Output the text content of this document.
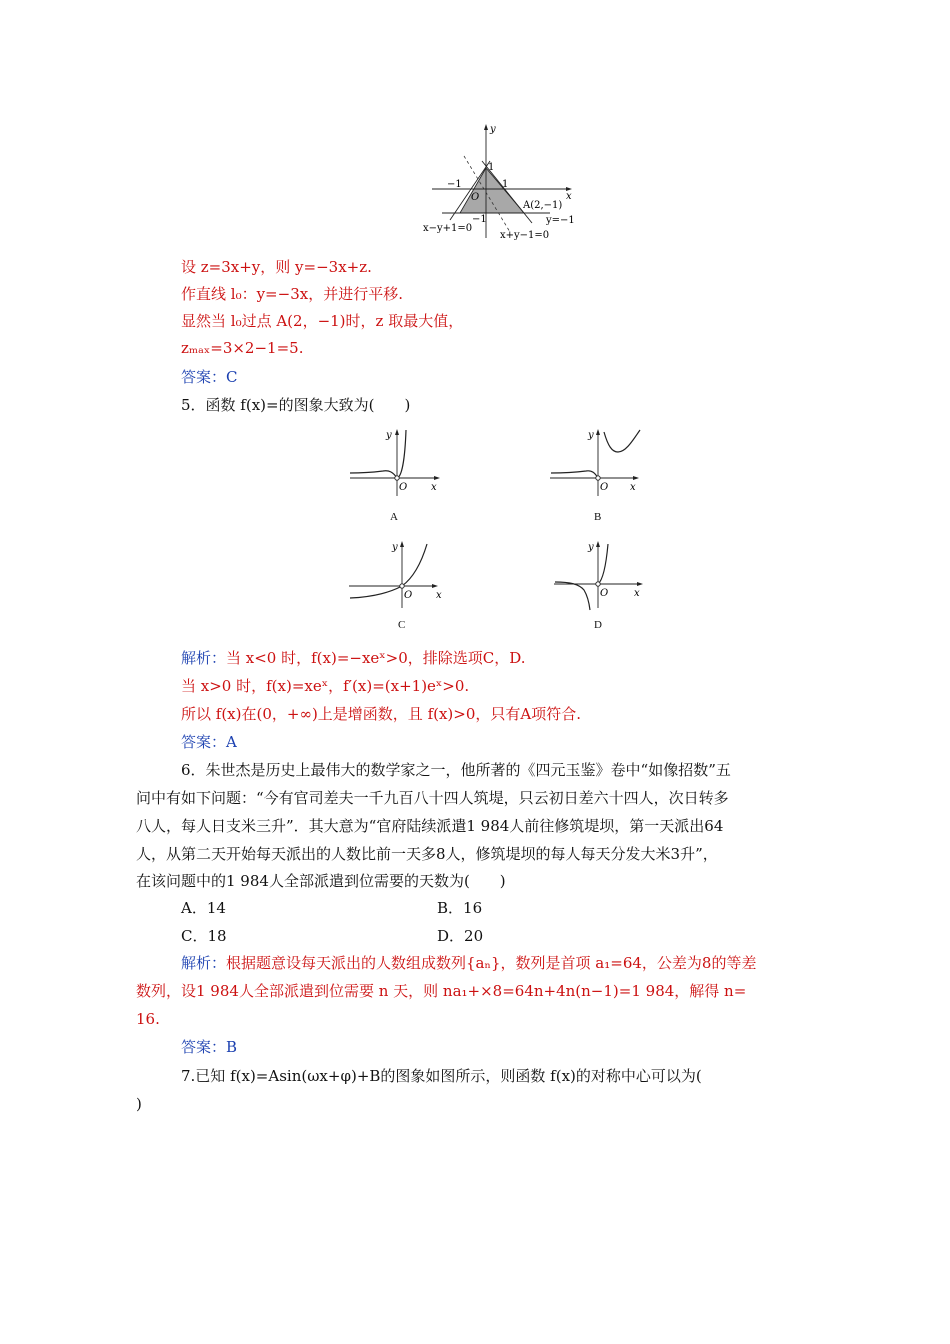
y
x
O
−1
1
1
−1
A(2,−1)
x−y+1=0
x+y−1=0
y=−1
设 z=3x+y，则 y=−3x+z.
作直线 l₀：y=−3x，并进行平移.
显然当 l₀过点 A(2，−1)时，z 取最大值，
zₘₐₓ=3×2−1=5.
答案：C
5．函数 f(x)=的图象大致为(　　)
y
x
O
A
y
x
O
B
y
x
O
C
y
x
O
D
解析：当 x<0 时，f(x)=−xeˣ>0，排除选项C，D.
当 x>0 时，f(x)=xeˣ，f′(x)=(x+1)eˣ>0.
所以 f(x)在(0，+∞)上是增函数，且 f(x)>0，只有A项符合.
答案：A
6．朱世杰是历史上最伟大的数学家之一，他所著的《四元玉鉴》卷中“如像招数”五
问中有如下问题：“今有官司差夫一千九百八十四人筑堤，只云初日差六十四人，次日转多
八人，每人日支米三升”．其大意为“官府陆续派遣1 984人前往修筑堤坝，第一天派出64
人，从第二天开始每天派出的人数比前一天多8人，修筑堤坝的每人每天分发大米3升”，
在该问题中的1 984人全部派遣到位需要的天数为(　　)
A．14	B．16
C．18	D．20
解析：根据题意设每天派出的人数组成数列{aₙ}，数列是首项 a₁=64，公差为8的等差
数列，设1 984人全部派遣到位需要 n 天，则 na₁+×8=64n+4n(n−1)=1 984，解得 n=
16.
答案：B
7.已知 f(x)=Asin(ωx+φ)+B的图象如图所示，则函数 f(x)的对称中心可以为(
)
